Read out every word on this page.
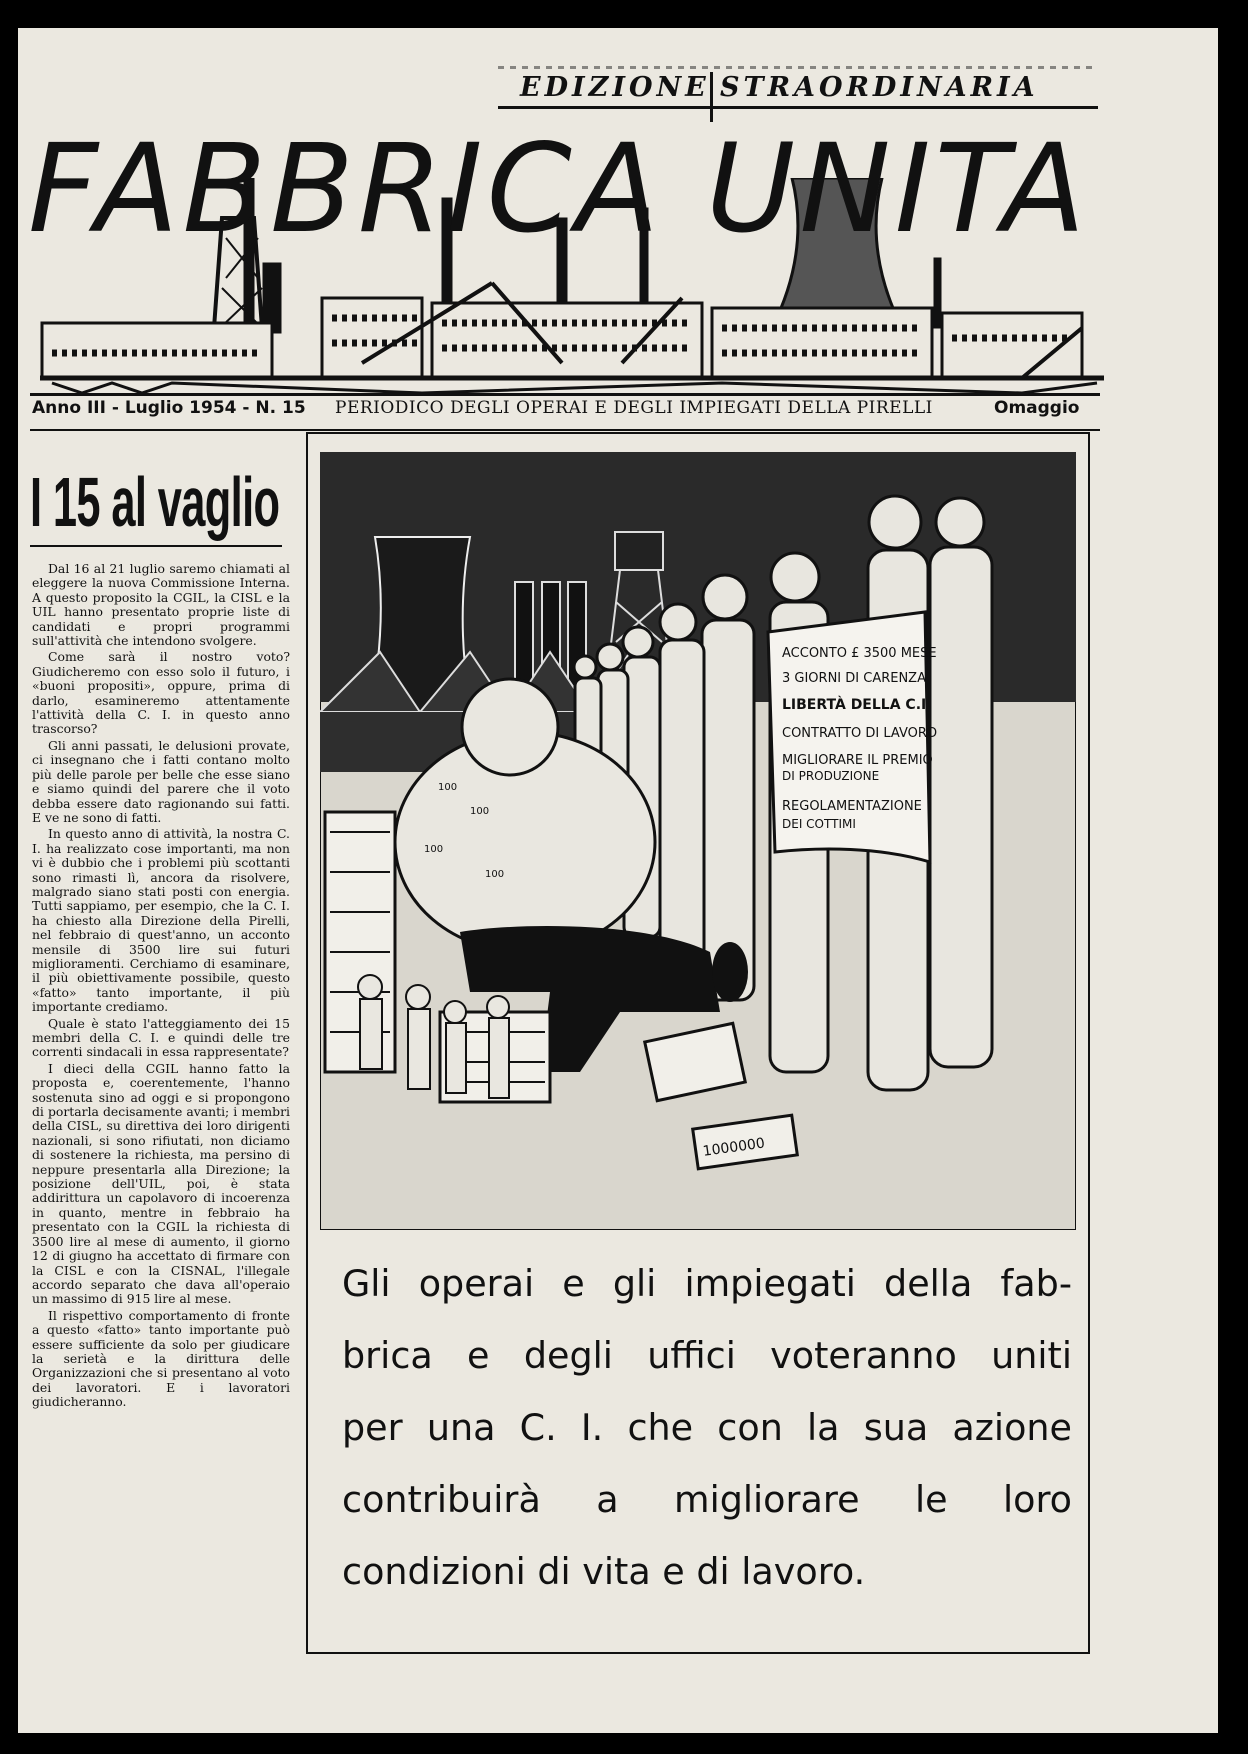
EDIZIONE STRAORDINARIA
FABBRICA UNITA
Anno III - Luglio 1954 - N. 15 PERIODICO DEGLI OPERAI E DEGLI IMPIEGATI DELLA PIRELLI	Omaggio
I 15 al vaglio

Dal 16 al 21 luglio saremo chiamati al eleggere la nuova Commissione Interna. A questo proposito la CGIL, la CISL e la UIL hanno presentato proprie liste di candidati e propri programmi sull'attività che intendono svolgere.

Come sarà il nostro voto? Giudicheremo con esso solo il futuro, i «buoni propositi», oppure, prima di darlo, esamineremo attentamente l'attività della C. I. in questo anno trascorso?

Gli anni passati, le delusioni provate, ci insegnano che i fatti contano molto più delle parole per belle che esse siano e siamo quindi del parere che il voto debba essere dato ragionando sui fatti. E ve ne sono di fatti.

In questo anno di attività, la nostra C. I. ha realizzato cose importanti, ma non vi è dubbio che i problemi più scottanti sono rimasti lì, ancora da risolvere, malgrado siano stati posti con energia. Tutti sappiamo, per esempio, che la C. I. ha chiesto alla Direzione della Pirelli, nel febbraio di quest'anno, un acconto mensile di 3500 lire sui futuri miglioramenti. Cerchiamo di esaminare, il più obiettivamente possibile, questo «fatto» tanto importante, il più importante crediamo.

Quale è stato l'atteggiamento dei 15 membri della C. I. e quindi delle tre correnti sindacali in essa rappresentate?

I dieci della CGIL hanno fatto la proposta e, coerentemente, l'hanno sostenuta sino ad oggi e si propongono di portarla decisamente avanti; i membri della CISL, su direttiva dei loro dirigenti nazionali, si sono rifiutati, non diciamo di sostenere la richiesta, ma persino di neppure presentarla alla Direzione; la posizione dell'UIL, poi, è stata addirittura un capolavoro di incoerenza in quanto, mentre in febbraio ha presentato con la CGIL la richiesta di 3500 lire al mese di aumento, il giorno 12 di giugno ha accettato di firmare con la CISL e con la CISNAL, l'illegale accordo separato che dava all'operaio un massimo di 915 lire al mese.

Il rispettivo comportamento di fronte a questo «fatto» tanto importante può essere sufficiente da solo per giudicare la serietà e la dirittura delle Organizzazioni che si presentano al voto dei lavoratori. E i lavoratori giudicheranno.

ACCONTO £ 3500 MESE
3 GIORNI DI CARENZA
LIBERTÀ DELLA C.I.
CONTRATTO DI LAVORO
MIGLIORARE IL PREMIO
DI PRODUZIONE
REGOLAMENTAZIONE
DEI COTTIMI
1000000
100
100
100
100
Gli operai e gli impiegati della fab-
brica e degli uffici voteranno uniti
per una C. I. che con la sua azione
contribuirà a migliorare le loro
condizioni di vita e di lavoro.
